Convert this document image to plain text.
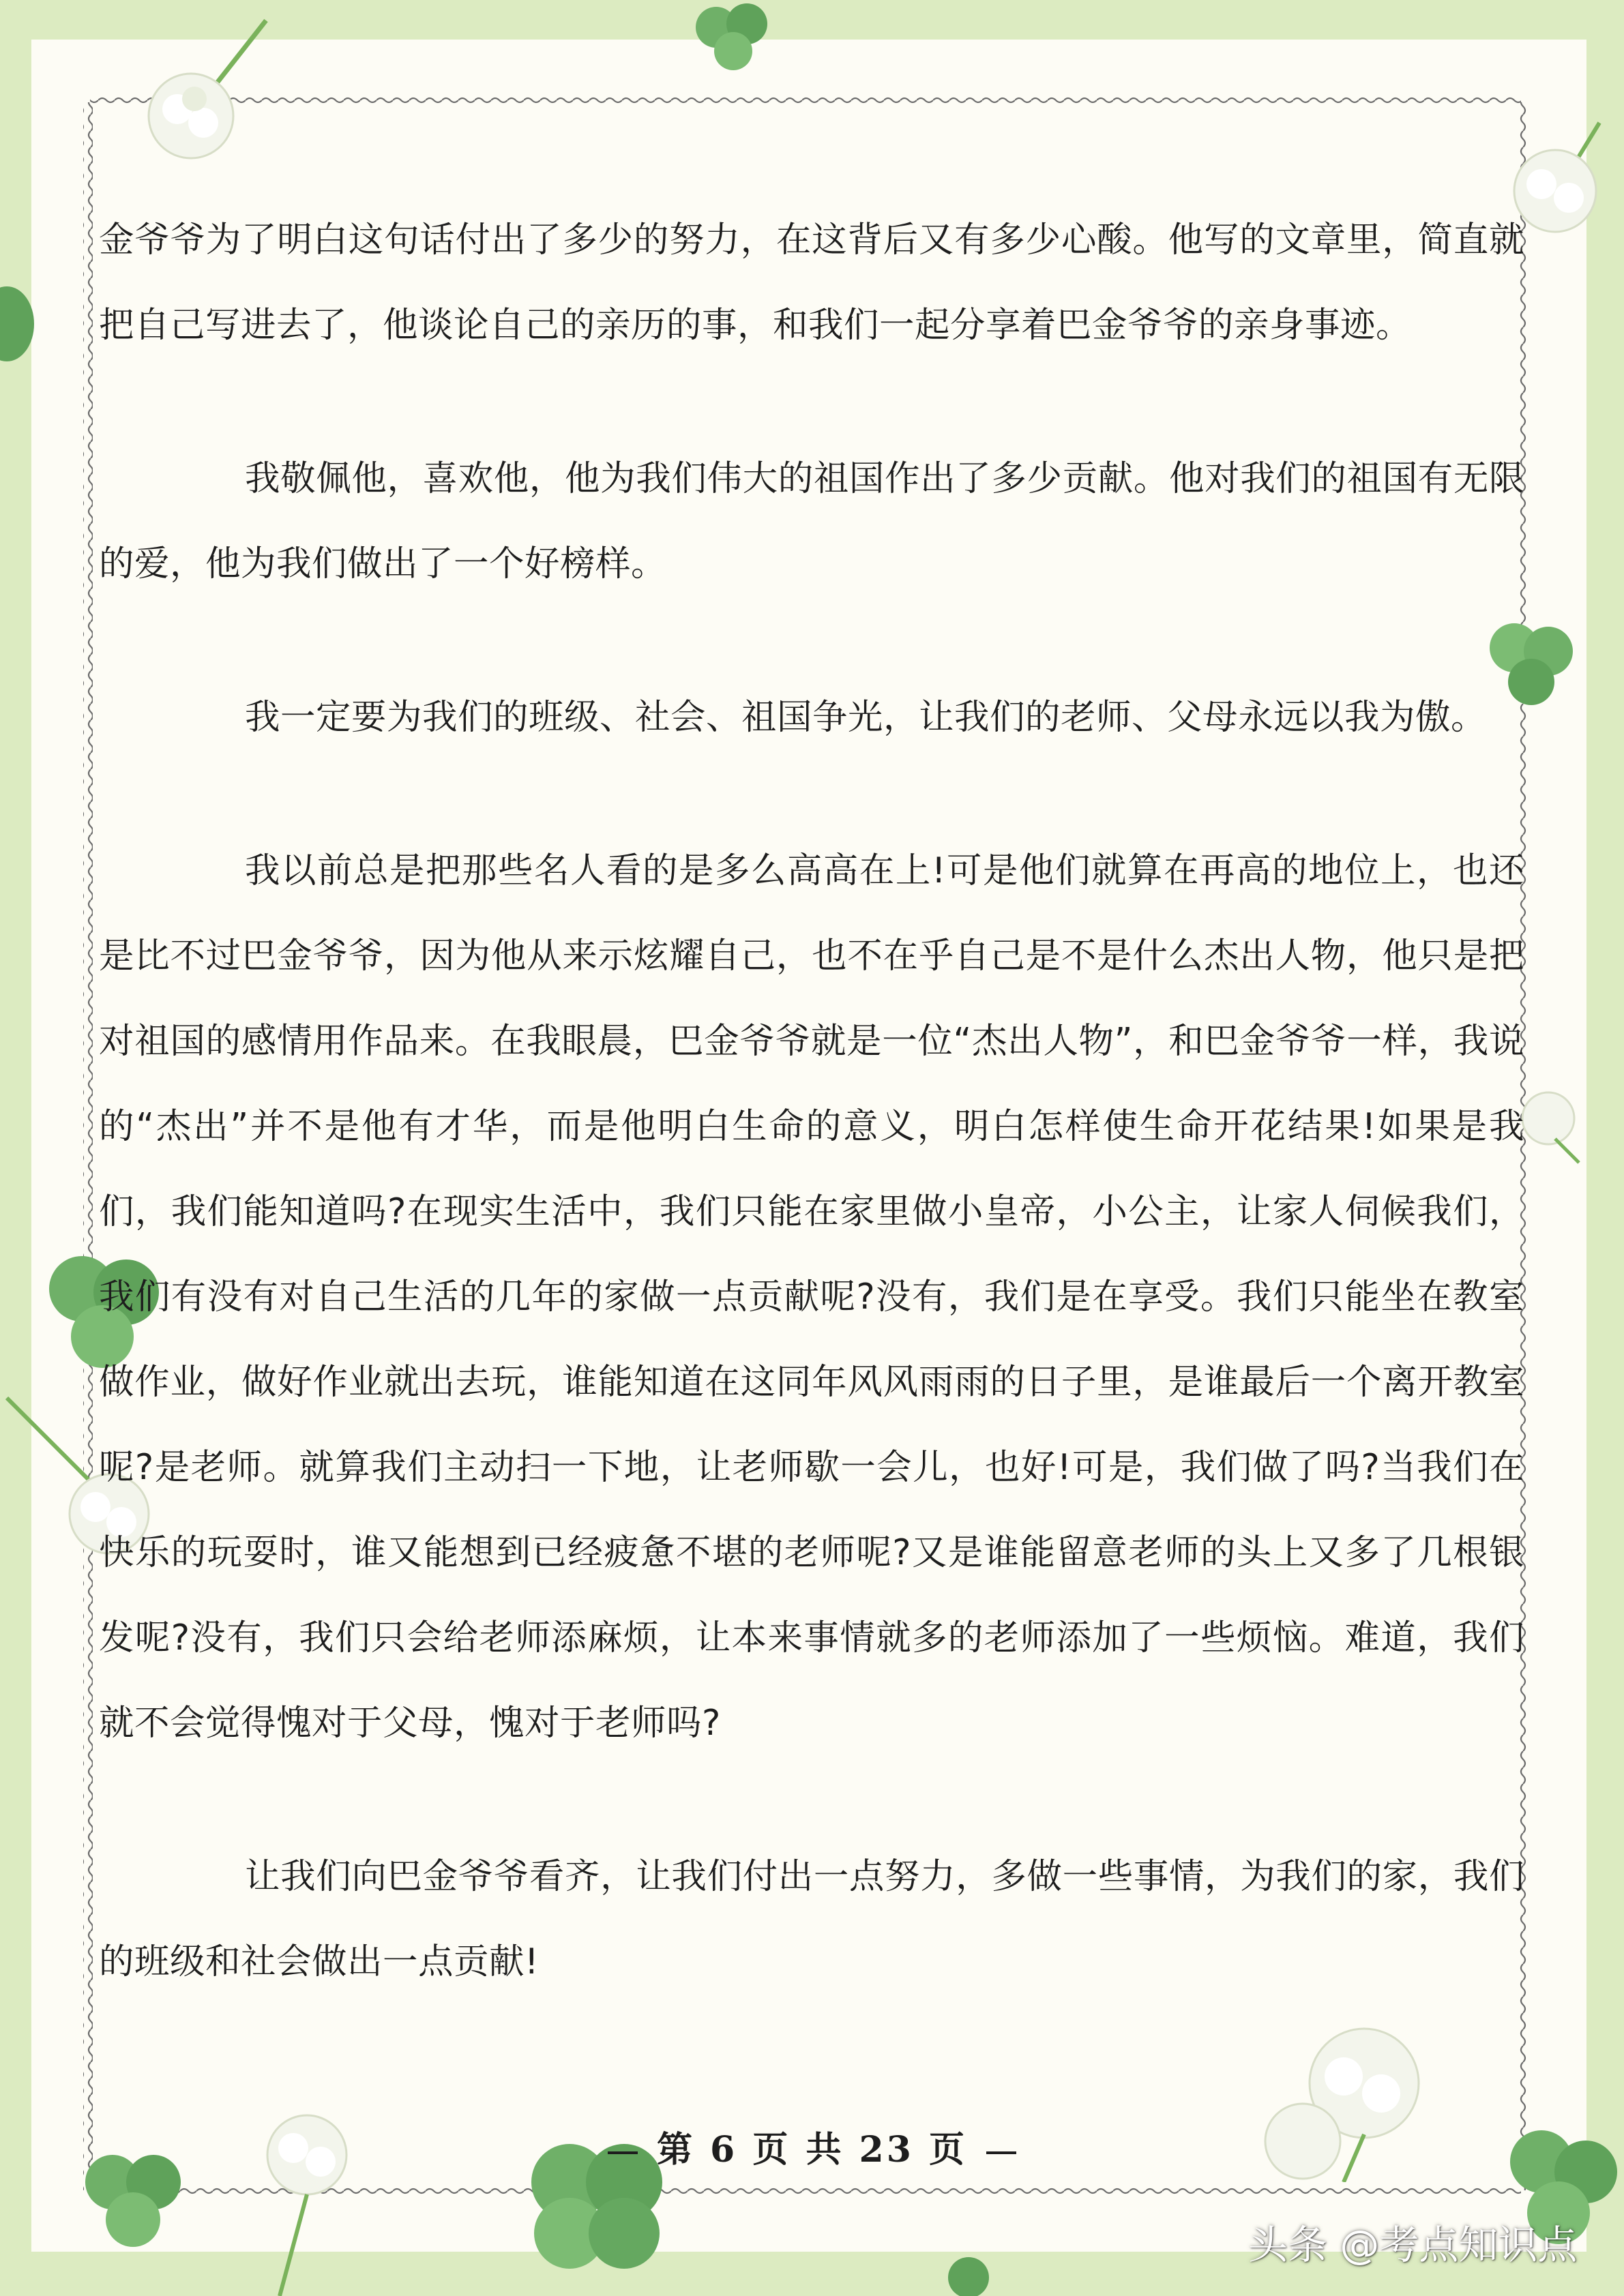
金爷爷为了明白这句话付出了多少的努力，在这背后又有多少心酸。他写的文章里，简直就把自己写进去了，他谈论自己的亲历的事，和我们一起分享着巴金爷爷的亲身事迹。

我敬佩他，喜欢他，他为我们伟大的祖国作出了多少贡献。他对我们的祖国有无限的爱，他为我们做出了一个好榜样。

我一定要为我们的班级、社会、祖国争光，让我们的老师、父母永远以我为傲。

我以前总是把那些名人看的是多么高高在上!可是他们就算在再高的地位上，也还是比不过巴金爷爷，因为他从来示炫耀自己，也不在乎自己是不是什么杰出人物，他只是把对祖国的感情用作品来。在我眼晨，巴金爷爷就是一位“杰出人物”，和巴金爷爷一样，我说的“杰出”并不是他有才华，而是他明白生命的意义，明白怎样使生命开花结果!如果是我们，我们能知道吗?在现实生活中，我们只能在家里做小皇帝，小公主，让家人伺候我们，我们有没有对自己生活的几年的家做一点贡献呢?没有，我们是在享受。我们只能坐在教室做作业，做好作业就出去玩，谁能知道在这同年风风雨雨的日子里，是谁最后一个离开教室呢?是老师。就算我们主动扫一下地，让老师歇一会儿，也好!可是，我们做了吗?当我们在快乐的玩耍时，谁又能想到已经疲惫不堪的老师呢?又是谁能留意老师的头上又多了几根银发呢?没有，我们只会给老师添麻烦，让本来事情就多的老师添加了一些烦恼。难道，我们就不会觉得愧对于父母，愧对于老师吗?

让我们向巴金爷爷看齐，让我们付出一点努力，多做一些事情，为我们的家，我们的班级和社会做出一点贡献!

第 6 页 共 23 页
头条 @考点知识点
